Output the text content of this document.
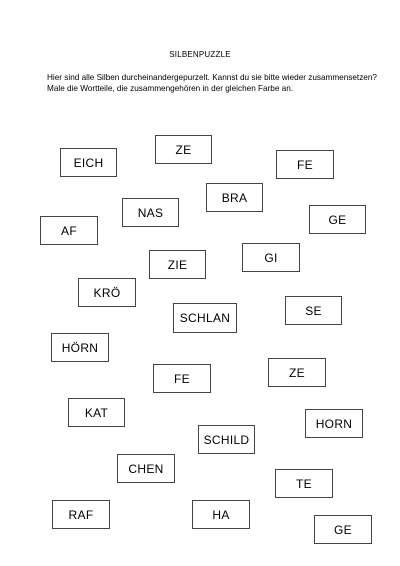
SILBENPUZZLE

Hier sind alle Silben durcheinandergepurzelt. Kannst du sie bitte wieder zusammensetzen?

Male die Wortteile, die zusammengehören in der gleichen Farbe an.

EICH
ZE
FE
BRA
NAS	GE
AF
GI
ZIE
KRÖ
SE
SCHLAN
HÖRN
ZE
FE
KAT
HORN
SCHILD
CHEN
TE
RAF	HA
GE
